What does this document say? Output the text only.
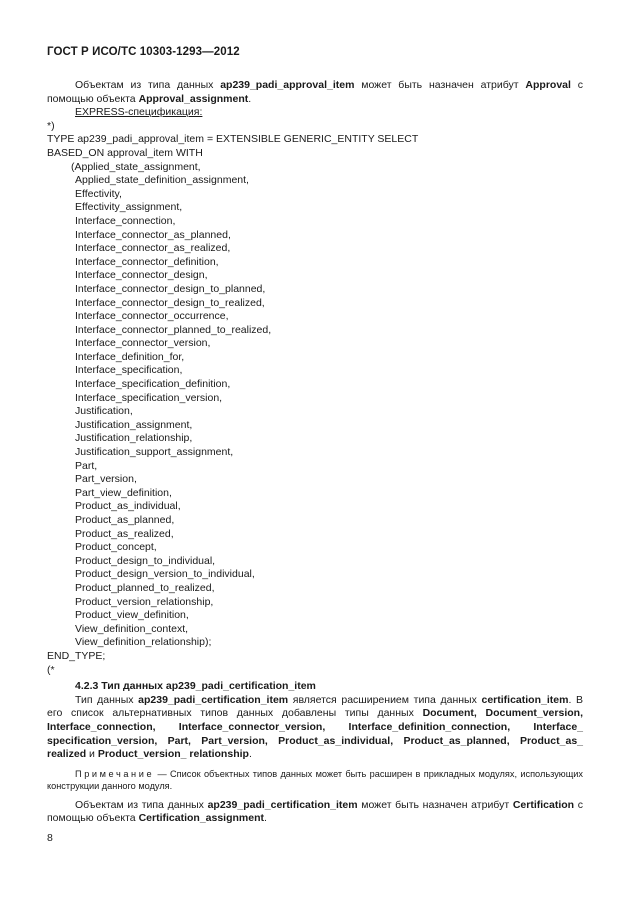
ГОСТ Р ИСО/ТС 10303-1293—2012

Объектам из типа данных ap239_padi_approval_item может быть назначен атрибут Approval с помощью объекта Approval_assignment.

EXPRESS-спецификация:

*)
TYPE ap239_padi_approval_item = EXTENSIBLE GENERIC_ENTITY SELECT
BASED_ON approval_item WITH
(Applied_state_assignment,
Applied_state_definition_assignment,
Effectivity,
Effectivity_assignment,
Interface_connection,
Interface_connector_as_planned,
Interface_connector_as_realized,
Interface_connector_definition,
Interface_connector_design,
Interface_connector_design_to_planned,
Interface_connector_design_to_realized,
Interface_connector_occurrence,
Interface_connector_planned_to_realized,
Interface_connector_version,
Interface_definition_for,
Interface_specification,
Interface_specification_definition,
Interface_specification_version,
Justification,
Justification_assignment,
Justification_relationship,
Justification_support_assignment,
Part,
Part_version,
Part_view_definition,
Product_as_individual,
Product_as_planned,
Product_as_realized,
Product_concept,
Product_design_to_individual,
Product_design_version_to_individual,
Product_planned_to_realized,
Product_version_relationship,
Product_view_definition,
View_definition_context,
View_definition_relationship);
END_TYPE;
(*

4.2.3 Тип данных ap239_padi_certification_item

Тип данных ap239_padi_certification_item является расширением типа данных certification_item. В его список альтернативных типов данных добавлены типы данных Document, Document_version, Interface_connection, Interface_connector_version, Interface_definition_connection, Interface_ specification_version, Part, Part_version, Product_as_individual, Product_as_planned, Product_as_ realized и Product_version_ relationship.

Примечание — Список объектных типов данных может быть расширен в прикладных модулях, использующих конструкции данного модуля.

Объектам из типа данных ap239_padi_certification_item может быть назначен атрибут Certification с помощью объекта Certification_assignment.

8
